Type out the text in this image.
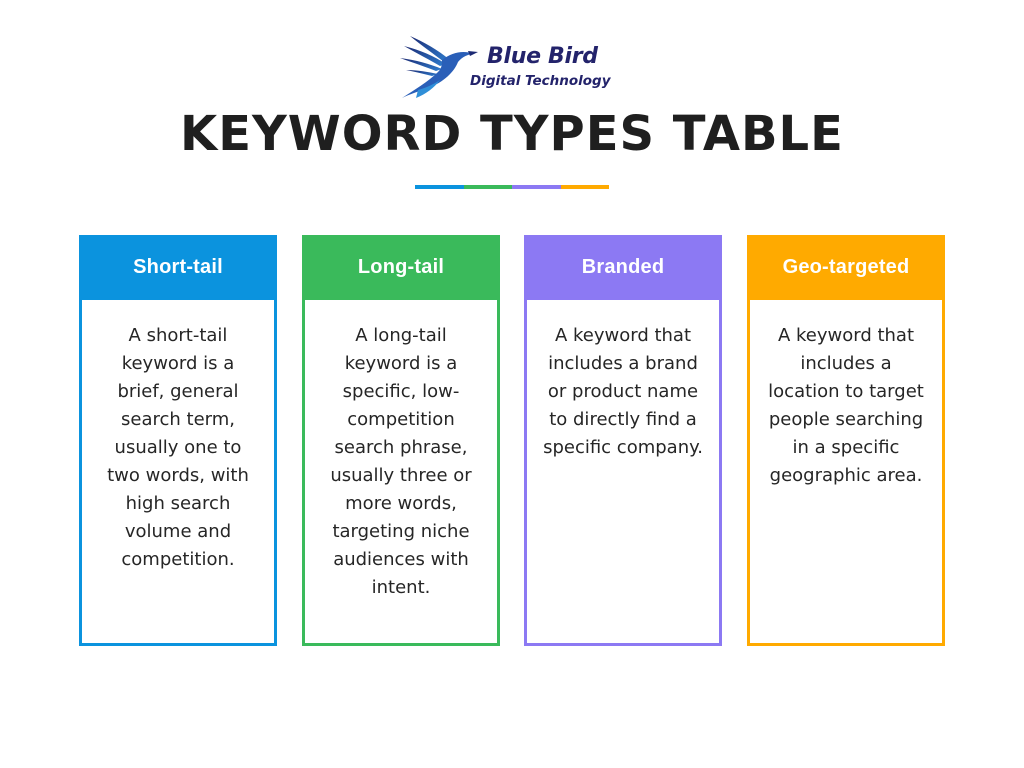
Blue Bird
Digital Technology
KEYWORD TYPES TABLE
Short-tail
A short-tail keyword is a brief, general search term, usually one to two words, with high search volume and competition.
Long-tail
A long-tail keyword is a specific, low-competition search phrase, usually three or more words, targeting niche audiences with intent.
Branded
A keyword that includes a brand or product name to directly find a specific company.
Geo-targeted
A keyword that includes a location to target people searching in a specific geographic area.
